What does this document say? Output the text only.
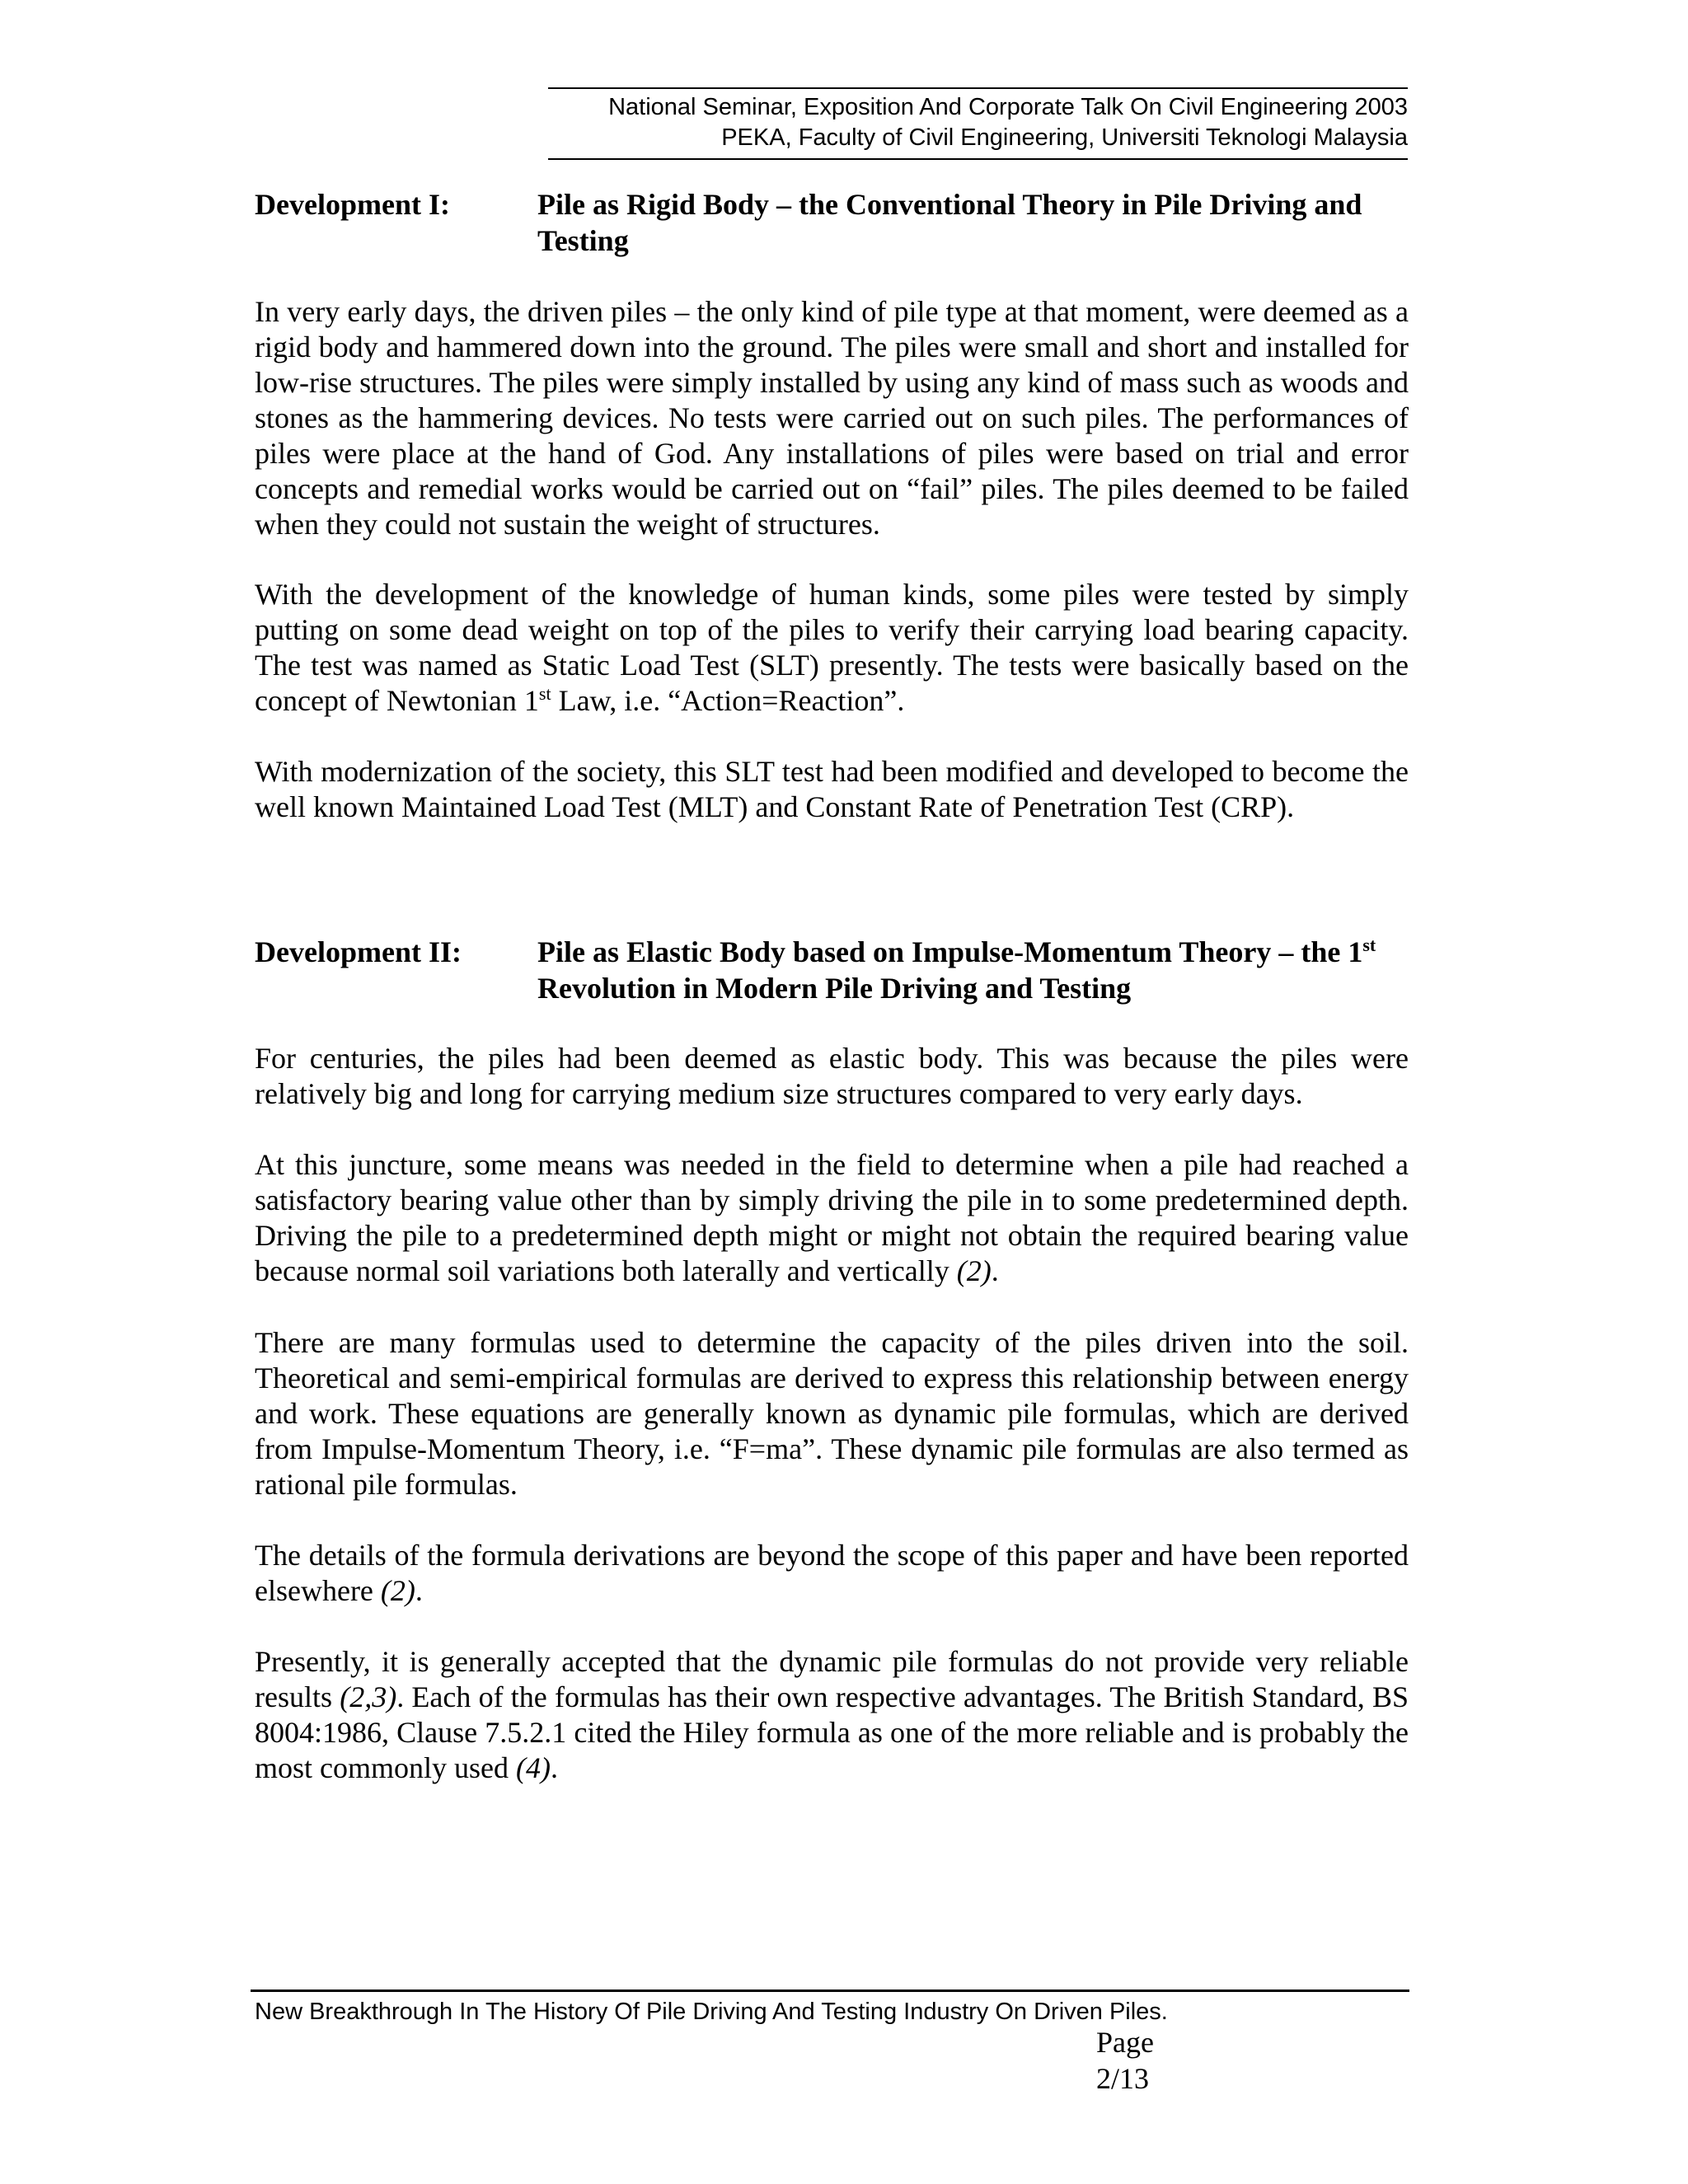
National Seminar, Exposition And Corporate Talk On Civil Engineering 2003
PEKA, Faculty of Civil Engineering, Universiti Teknologi Malaysia
Development I:	Pile as Rigid Body – the Conventional Theory in Pile Driving and Testing

In very early days, the driven piles – the only kind of pile type at that moment, were deemed as a rigid body and hammered down into the ground. The piles were small and short and installed for low-rise structures. The piles were simply installed by using any kind of mass such as woods and stones as the hammering devices. No tests were carried out on such piles. The performances of piles were place at the hand of God. Any installations of piles were based on trial and error concepts and remedial works would be carried out on “fail” piles. The piles deemed to be failed when they could not sustain the weight of structures.

With the development of the knowledge of human kinds, some piles were tested by simply putting on some dead weight on top of the piles to verify their carrying load bearing capacity. The test was named as Static Load Test (SLT) presently. The tests were basically based on the concept of Newtonian 1st Law, i.e. “Action=Reaction”.

With modernization of the society, this SLT test had been modified and developed to become the well known Maintained Load Test (MLT) and Constant Rate of Penetration Test (CRP).

Development II:	Pile as Elastic Body based on Impulse-Momentum Theory – the 1st Revolution in Modern Pile Driving and Testing

For centuries, the piles had been deemed as elastic body. This was because the piles were relatively big and long for carrying medium size structures compared to very early days.

At this juncture, some means was needed in the field to determine when a pile had reached a satisfactory bearing value other than by simply driving the pile in to some predetermined depth. Driving the pile to a predetermined depth might or might not obtain the required bearing value because normal soil variations both laterally and vertically (2).

There are many formulas used to determine the capacity of the piles driven into the soil. Theoretical and semi-empirical formulas are derived to express this relationship between energy and work. These equations are generally known as dynamic pile formulas, which are derived from Impulse-Momentum Theory, i.e. “F=ma”. These dynamic pile formulas are also termed as rational pile formulas.

The details of the formula derivations are beyond the scope of this paper and have been reported elsewhere (2).

Presently, it is generally accepted that the dynamic pile formulas do not provide very reliable results (2,3). Each of the formulas has their own respective advantages. The British Standard, BS 8004:1986, Clause 7.5.2.1 cited the Hiley formula as one of the more reliable and is probably the most commonly used (4).

New Breakthrough In The History Of Pile Driving And Testing Industry On Driven Piles.
Page 2/13
